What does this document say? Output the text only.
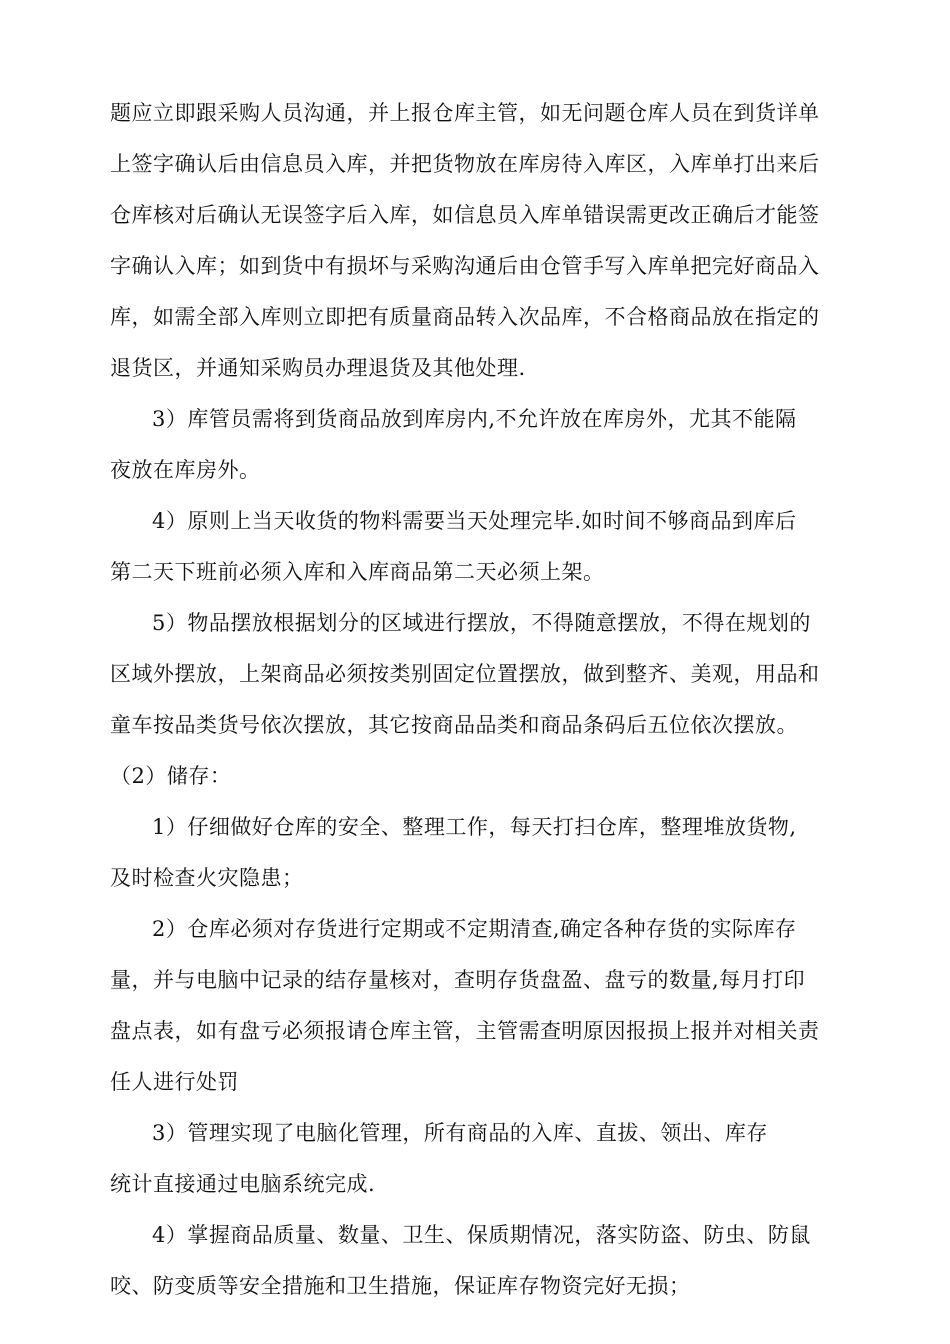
题应立即跟采购人员沟通，并上报仓库主管，如无问题仓库人员在到货详单
上签字确认后由信息员入库，并把货物放在库房待入库区，入库单打出来后
仓库核对后确认无误签字后入库，如信息员入库单错误需更改正确后才能签
字确认入库；如到货中有损坏与采购沟通后由仓管手写入库单把完好商品入
库，如需全部入库则立即把有质量商品转入次品库，不合格商品放在指定的
退货区，并通知采购员办理退货及其他处理.

3）库管员需将到货商品放到库房内,不允许放在库房外，尤其不能隔
夜放在库房外。

4）原则上当天收货的物料需要当天处理完毕.如时间不够商品到库后
第二天下班前必须入库和入库商品第二天必须上架。

5）物品摆放根据划分的区域进行摆放，不得随意摆放，不得在规划的
区域外摆放，上架商品必须按类别固定位置摆放，做到整齐、美观，用品和
童车按品类货号依次摆放，其它按商品品类和商品条码后五位依次摆放。

（2）储存：

1）仔细做好仓库的安全、整理工作，每天打扫仓库，整理堆放货物,
及时检查火灾隐患；

2）仓库必须对存货进行定期或不定期清查,确定各种存货的实际库存
量，并与电脑中记录的结存量核对，查明存货盘盈、盘亏的数量,每月打印
盘点表，如有盘亏必须报请仓库主管，主管需查明原因报损上报并对相关责
任人进行处罚

3）管理实现了电脑化管理，所有商品的入库、直拔、领出、库存
统计直接通过电脑系统完成.

4）掌握商品质量、数量、卫生、保质期情况，落实防盗、防虫、防鼠
咬、防变质等安全措施和卫生措施，保证库存物资完好无损；
